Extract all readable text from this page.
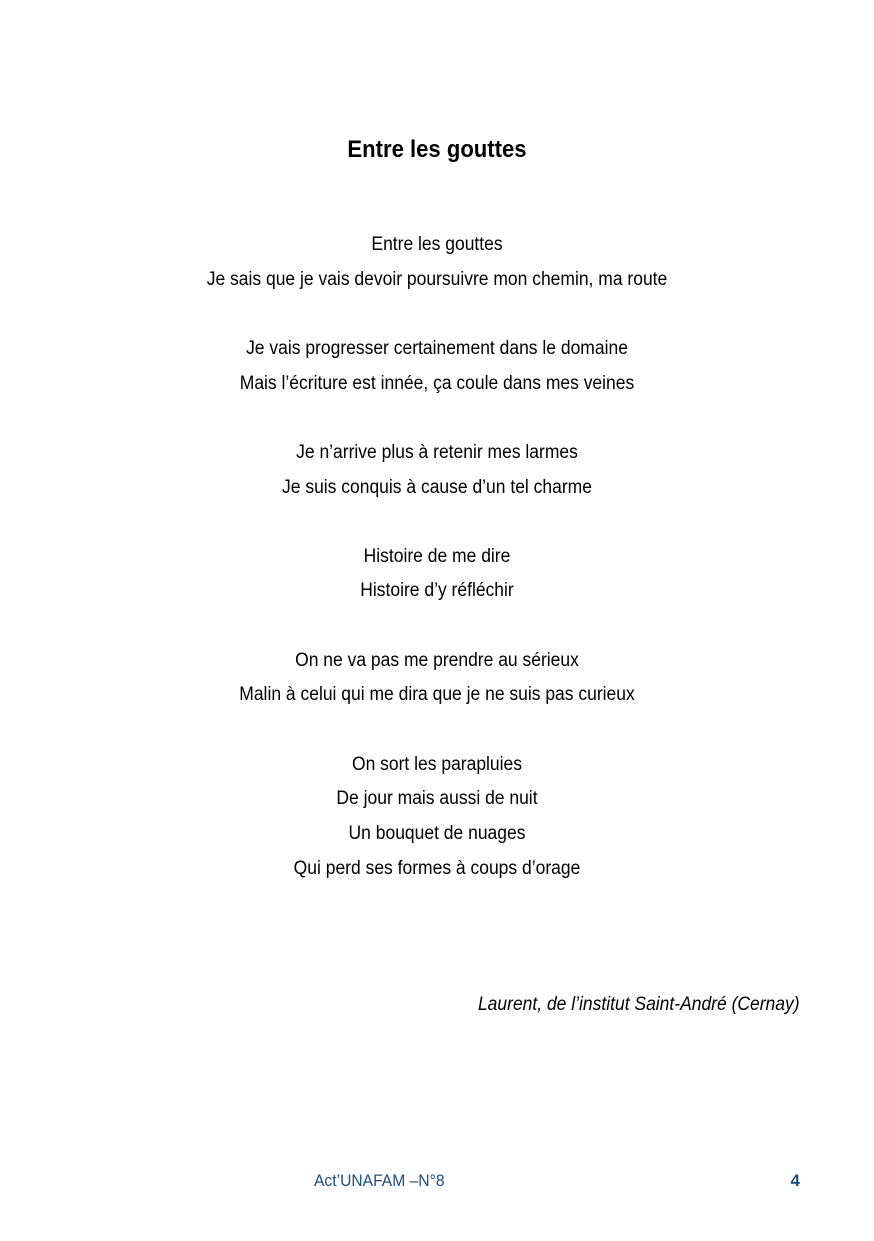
Entre les gouttes
Entre les gouttes
Je sais que je vais devoir poursuivre mon chemin, ma route
Je vais progresser certainement dans le domaine
Mais l’écriture est innée, ça coule dans mes veines
Je n’arrive plus à retenir mes larmes
Je suis conquis à cause d’un tel charme
Histoire de me dire
Histoire d’y réfléchir
On ne va pas me prendre au sérieux
Malin à celui qui me dira que je ne suis pas curieux
On sort les parapluies
De jour mais aussi de nuit
Un bouquet de nuages
Qui perd ses formes à coups d’orage
Laurent, de l’institut Saint-André (Cernay)
Act’UNAFAM –N°8	4
